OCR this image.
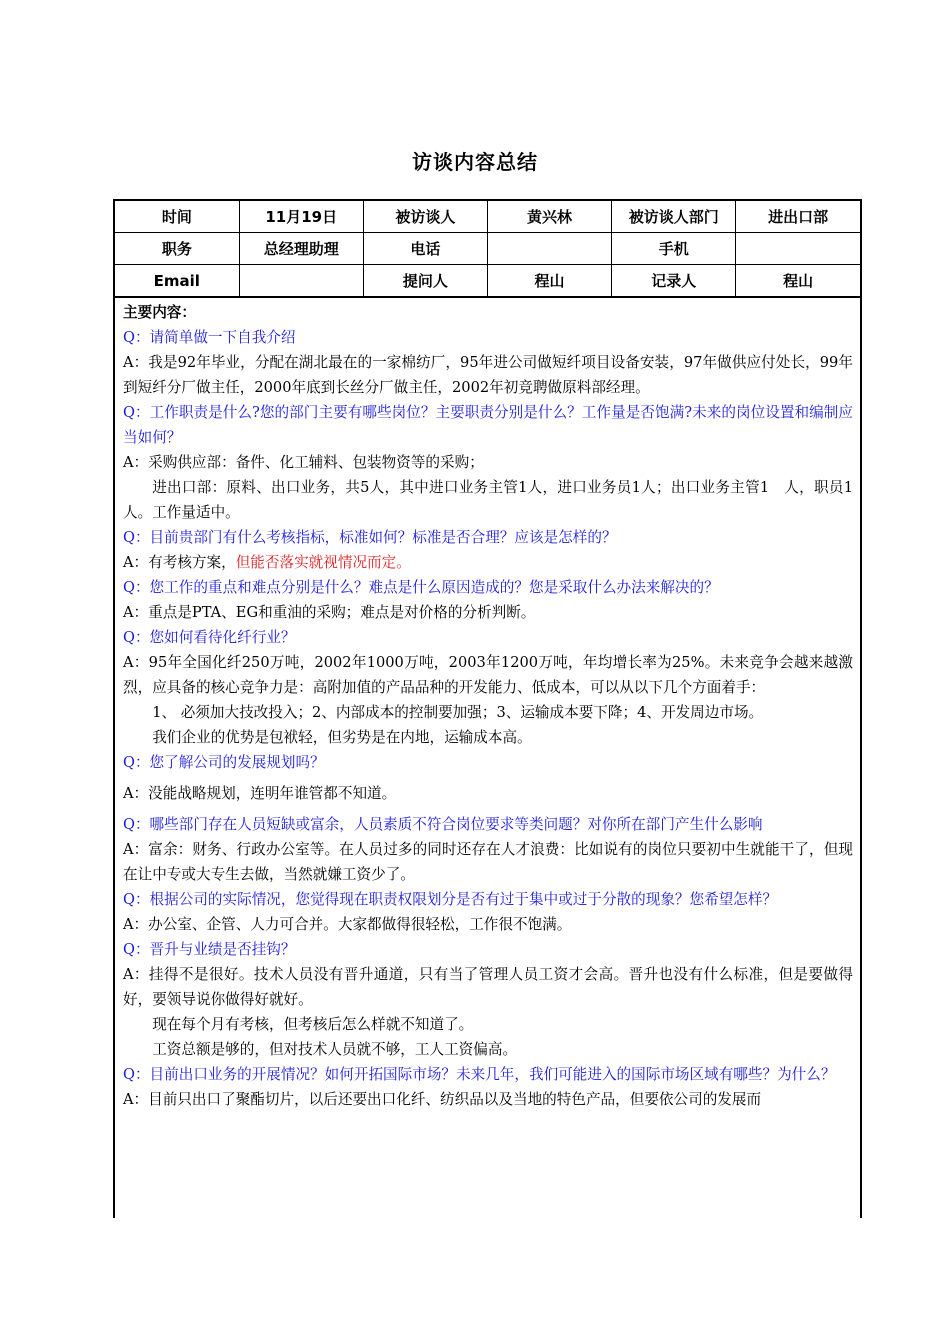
访谈内容总结
时间	11月19日	被访谈人	黄兴林	被访谈人部门	进出口部
职务	总经理助理	电话		手机	
Email		提问人	程山	记录人	程山

主要内容：

Q：请简单做一下自我介绍

A：我是92年毕业，分配在湖北最在的一家棉纺厂，95年进公司做短纤项目设备安装，97年做供应付处长，99年到短纤分厂做主任，2000年底到长丝分厂做主任，2002年初竞聘做原料部经理。

Q：工作职责是什么?您的部门主要有哪些岗位？主要职责分别是什么？工作量是否饱满?未来的岗位设置和编制应当如何？

A：采购供应部：备件、化工辅料、包装物资等的采购；

进出口部：原料、出口业务，共5人，其中进口业务主管1人，进口业务员1人；出口业务主管1　人，职员1人。工作量适中。

Q：目前贵部门有什么考核指标，标准如何？标准是否合理？应该是怎样的？

A：有考核方案，但能否落实就视情况而定。

Q：您工作的重点和难点分别是什么？难点是什么原因造成的？您是采取什么办法来解决的？

A：重点是PTA、EG和重油的采购；难点是对价格的分析判断。

Q：您如何看待化纤行业？

A：95年全国化纤250万吨，2002年1000万吨，2003年1200万吨，年均增长率为25%。未来竞争会越来越激烈，应具备的核心竞争力是：高附加值的产品品种的开发能力、低成本，可以从以下几个方面着手：

1、 必须加大技改投入；2、内部成本的控制要加强；3、运输成本要下降；4、开发周边市场。

我们企业的优势是包袱轻，但劣势是在内地，运输成本高。

Q：您了解公司的发展规划吗？

A：没能战略规划，连明年谁管都不知道。

Q：哪些部门存在人员短缺或富余，人员素质不符合岗位要求等类问题？对你所在部门产生什么影响

A：富余：财务、行政办公室等。在人员过多的同时还存在人才浪费：比如说有的岗位只要初中生就能干了，但现在让中专或大专生去做，当然就嫌工资少了。

Q：根据公司的实际情况，您觉得现在职责权限划分是否有过于集中或过于分散的现象？您希望怎样？

A：办公室、企管、人力可合并。大家都做得很轻松，工作很不饱满。

Q：晋升与业绩是否挂钩？

A：挂得不是很好。技术人员没有晋升通道，只有当了管理人员工资才会高。晋升也没有什么标准，但是要做得好，要领导说你做得好就好。

现在每个月有考核，但考核后怎么样就不知道了。

工资总额是够的，但对技术人员就不够，工人工资偏高。

Q：目前出口业务的开展情况？如何开拓国际市场？未来几年，我们可能进入的国际市场区域有哪些？为什么？

A：目前只出口了聚酯切片，以后还要出口化纤、纺织品以及当地的特色产品，但要依公司的发展而
